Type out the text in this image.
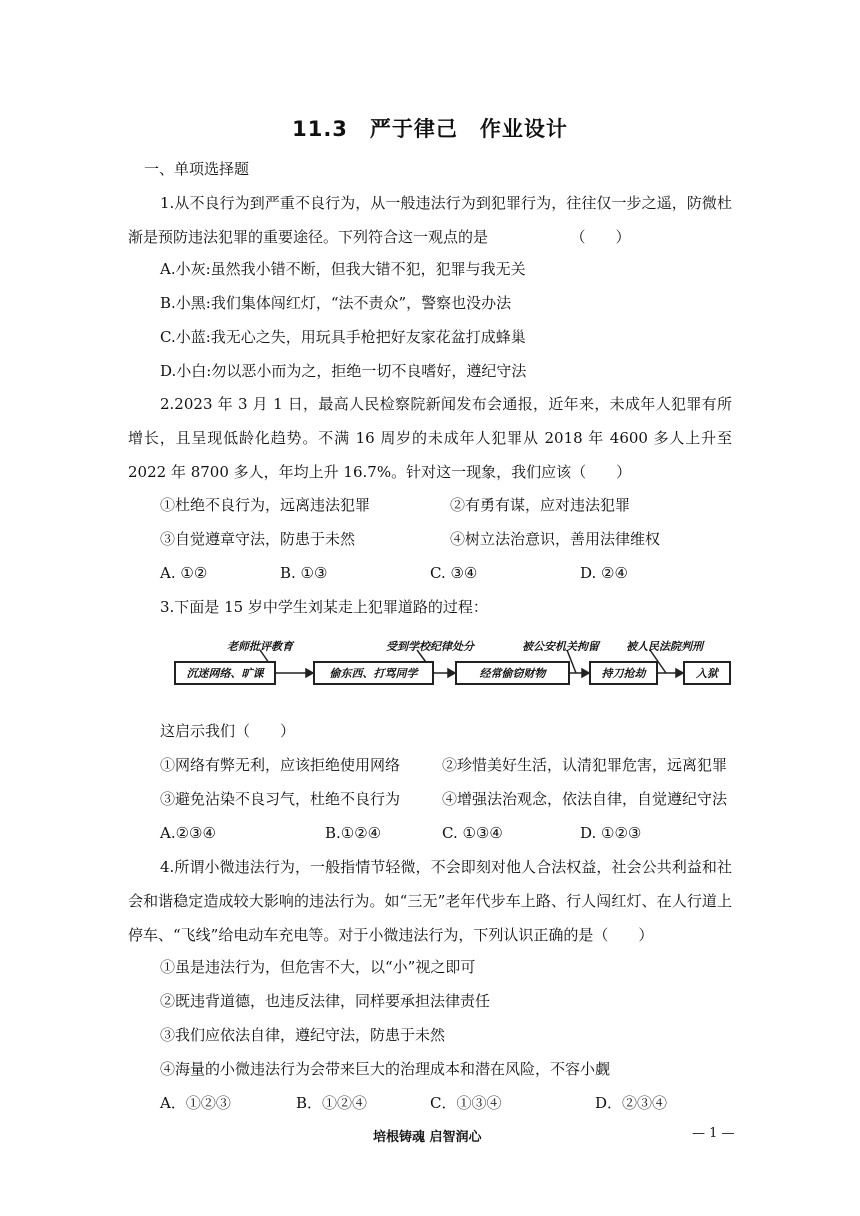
11.3　严于律己　作业设计
一、单项选择题
1.从不良行为到严重不良行为，从一般违法行为到犯罪行为，往往仅一步之遥，防微杜渐是预防违法犯罪的重要途径。下列符合这一观点的是　　　　　　（　　）
A.小灰:虽然我小错不断，但我大错不犯，犯罪与我无关
B.小黑:我们集体闯红灯，“法不责众”，警察也没办法
C.小蓝:我无心之失，用玩具手枪把好友家花盆打成蜂巢
D.小白:勿以恶小而为之，拒绝一切不良嗜好，遵纪守法
2.2023 年 3 月 1 日，最高人民检察院新闻发布会通报，近年来，未成年人犯罪有所增长，且呈现低龄化趋势。不满 16 周岁的未成年人犯罪从 2018 年 4600 多人上升至 2022 年 8700 多人，年均上升 16.7%。针对这一现象，我们应该（　　）
①杜绝不良行为，远离违法犯罪	②有勇有谋，应对违法犯罪
③自觉遵章守法，防患于未然	④树立法治意识，善用法律维权
A. ①②	B. ①③	C. ③④	D. ②④
3.下面是 15 岁中学生刘某走上犯罪道路的过程：
老师批评教育	受到学校纪律处分	被公安机关拘留 被人民法院判刑
沉迷网络、旷课	偷东西、打骂同学	经常偷窃财物	持刀抢劫	入狱
这启示我们（　　）
①网络有弊无利，应该拒绝使用网络	②珍惜美好生活，认清犯罪危害，远离犯罪
③避免沾染不良习气，杜绝不良行为	④增强法治观念，依法自律，自觉遵纪守法
A.②③④	B.①②④	C. ①③④	D. ①②③
4.所谓小微违法行为，一般指情节轻微，不会即刻对他人合法权益，社会公共利益和社会和谐稳定造成较大影响的违法行为。如“三无”老年代步车上路、行人闯红灯、在人行道上停车、“飞线”给电动车充电等。对于小微违法行为，下列认识正确的是（　　）
①虽是违法行为，但危害不大，以“小”视之即可
②既违背道德，也违反法律，同样要承担法律责任
③我们应依法自律，遵纪守法，防患于未然
④海量的小微违法行为会带来巨大的治理成本和潜在风险，不容小觑
A．①②③	B．①②④	C．①③④	D．②③④
培根铸魂 启智润心	— 1 —
